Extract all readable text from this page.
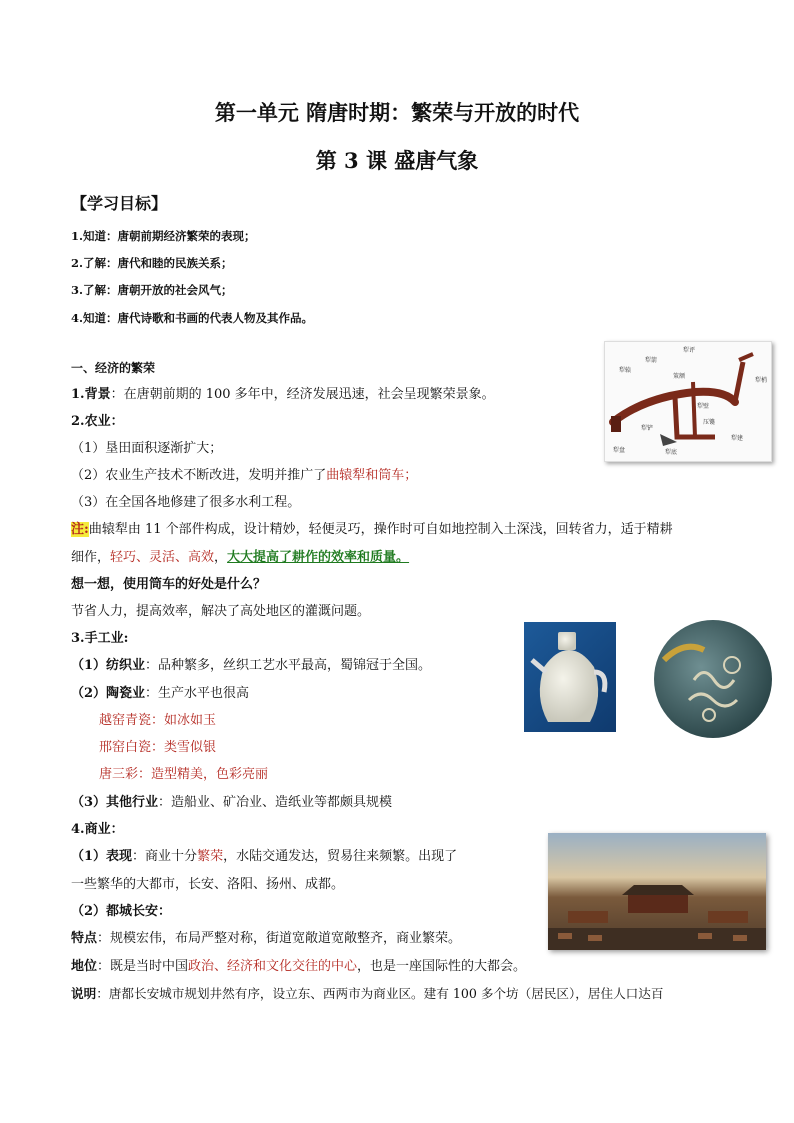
第一单元 隋唐时期：繁荣与开放的时代
第 3 课 盛唐气象
【学习目标】
1.知道：唐朝前期经济繁荣的表现；
2.了解：唐代和睦的民族关系；
3.了解：唐朝开放的社会风气；
4.知道：唐代诗歌和书画的代表人物及其作品。
一、经济的繁荣
1.背景：在唐朝前期的 100 多年中，经济发展迅速，社会呈现繁荣景象。
2.农业：
（1）垦田面积逐渐扩大；
（2）农业生产技术不断改进，发明并推广了曲辕犁和筒车；
（3）在全国各地修建了很多水利工程。
注:曲辕犁由 11 个部件构成，设计精妙，轻便灵巧，操作时可自如地控制入土深浅，回转省力，适于精耕
细作，轻巧、灵活、高效，大大提高了耕作的效率和质量。
想一想，使用筒车的好处是什么？
节省人力，提高效率，解决了高处地区的灌溉问题。
3.手工业:
（1）纺织业：品种繁多，丝织工艺水平最高，蜀锦冠于全国。
（2）陶瓷业：生产水平也很高
越窑青瓷：如冰如玉
邢窑白瓷：类雪似银
唐三彩：造型精美，色彩亮丽
（3）其他行业：造船业、矿冶业、造纸业等都颇具规模
4.商业：
（1）表现：商业十分繁荣，水陆交通发达，贸易往来频繁。出现了
一些繁华的大都市，长安、洛阳、扬州、成都。
（2）都城长安：
特点：规模宏伟，布局严整对称，街道宽敞道宽敞整齐，商业繁荣。
地位：既是当时中国政治、经济和文化交往的中心，也是一座国际性的大都会。
说明：唐都长安城市规划井然有序，设立东、西两市为商业区。建有 100 多个坊（居民区），居住人口达百
犁评
犁箭
犁辕
策额
犁梢
犁壁
犁铲
压镵
犁建
犁底
犁盘
